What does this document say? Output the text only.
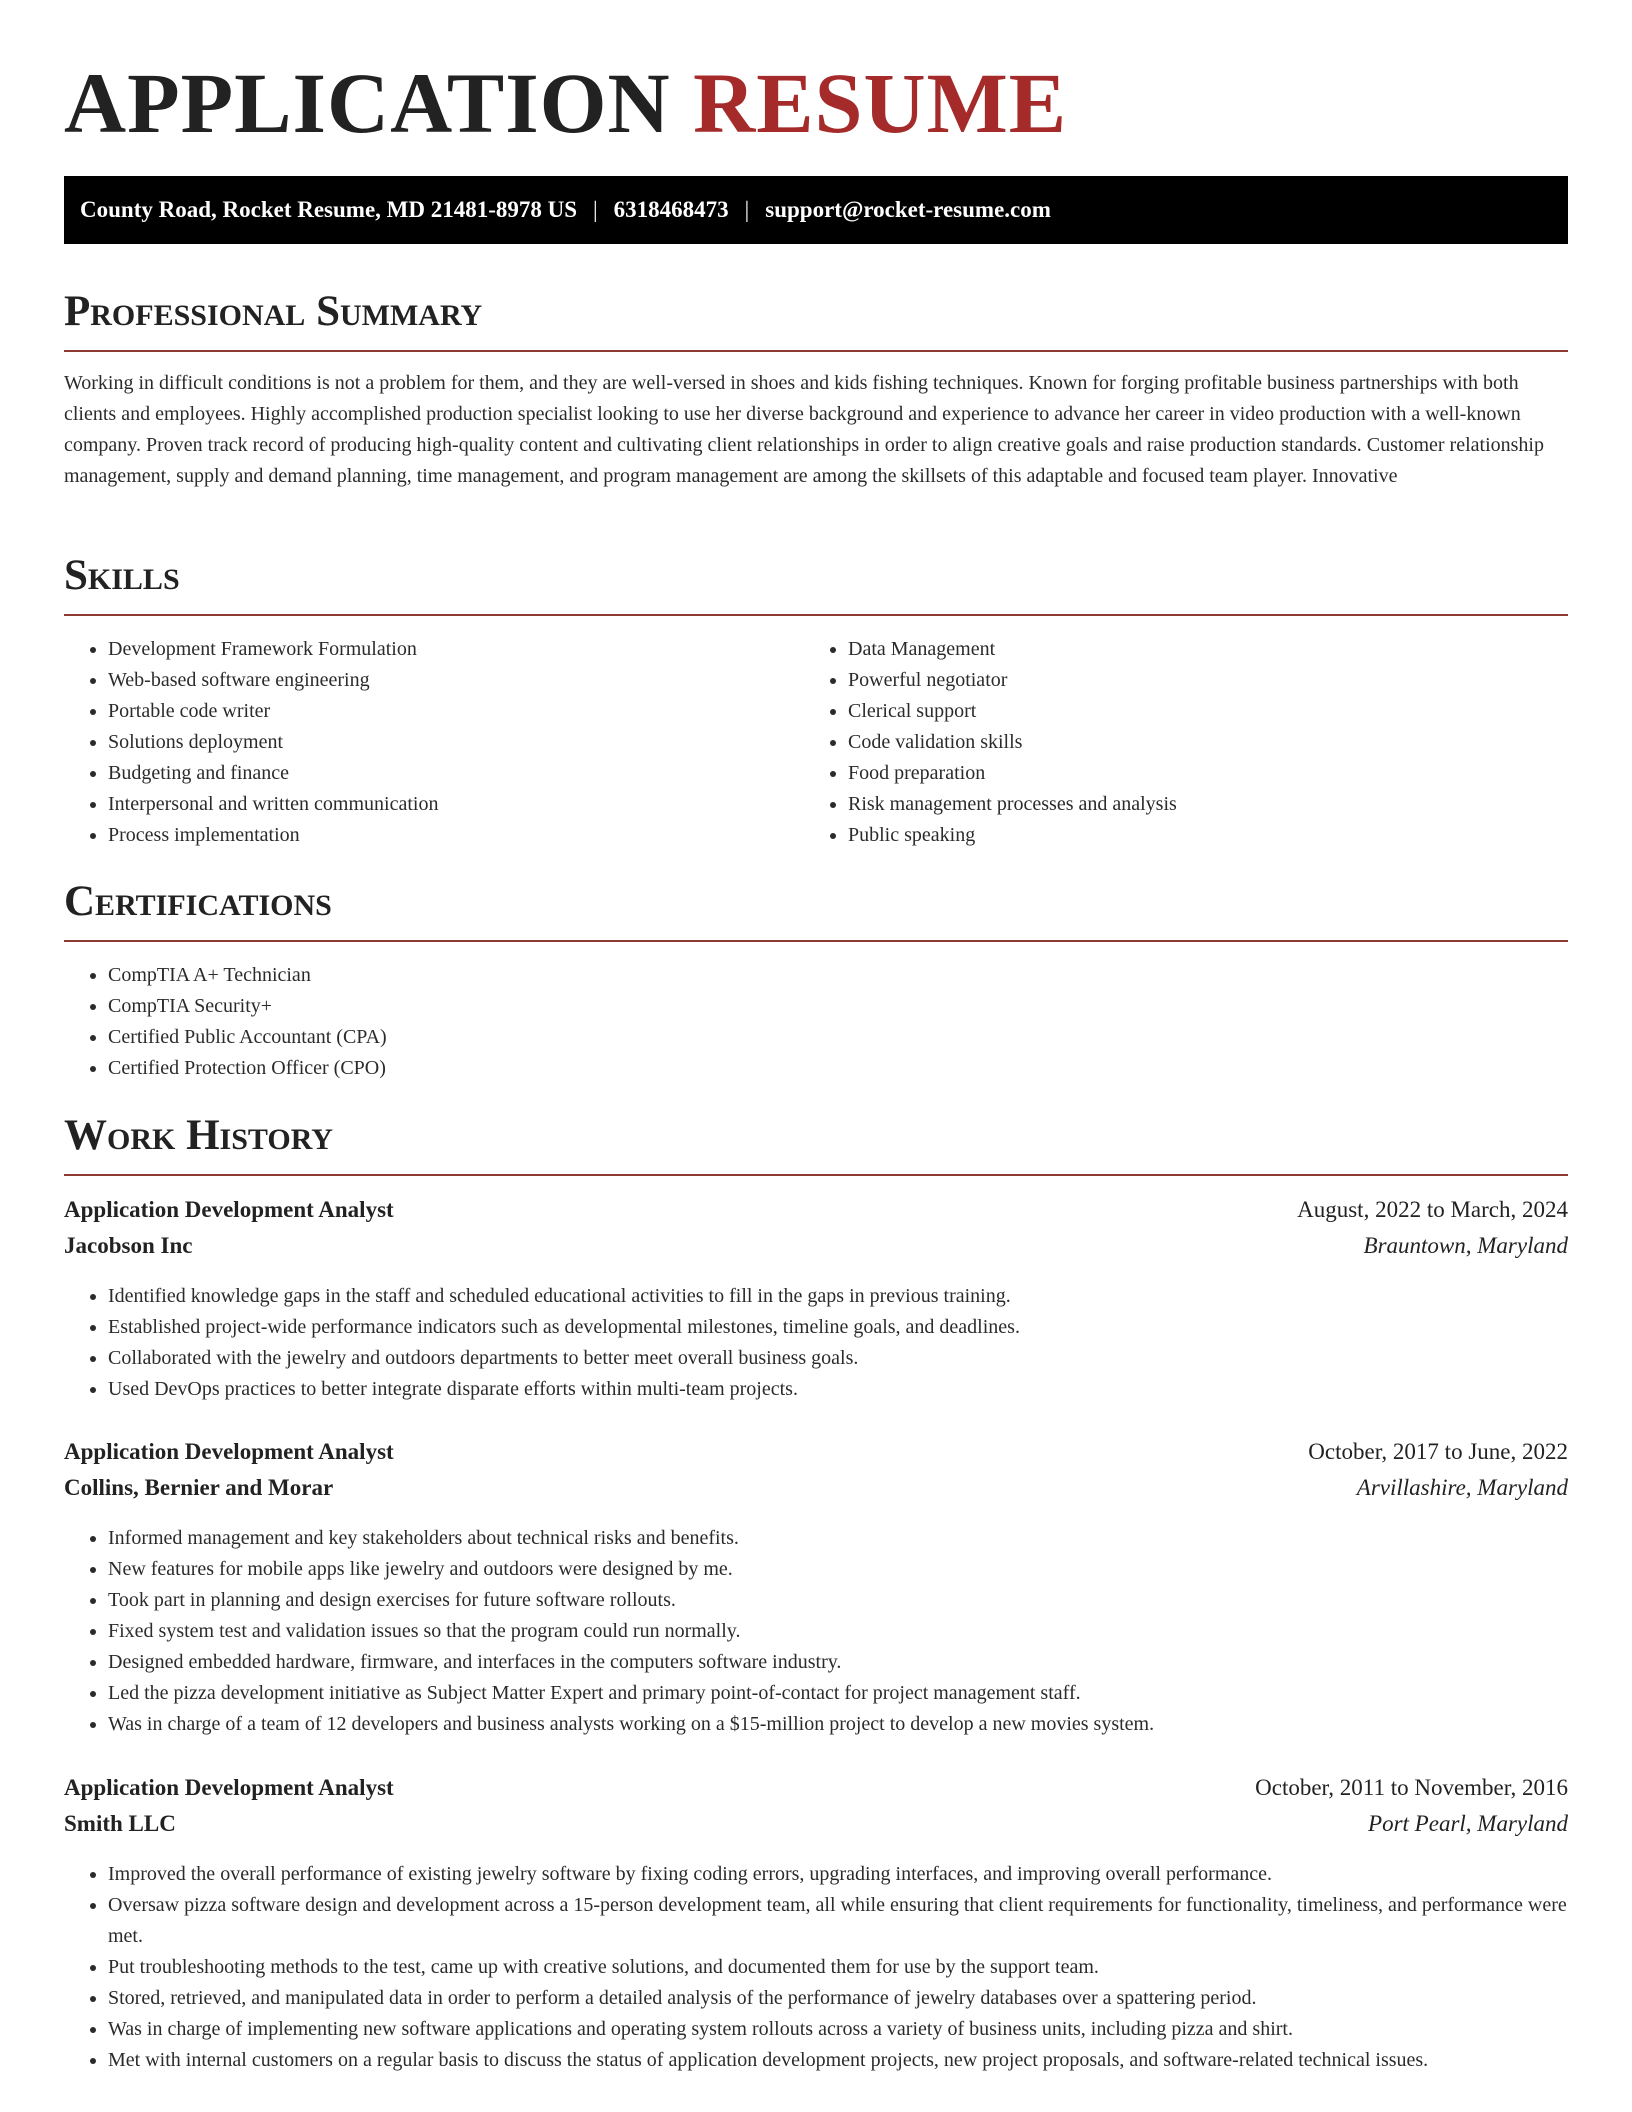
APPLICATION RESUME
County Road, Rocket Resume, MD 21481-8978 US | 6318468473 | support@rocket-resume.com
Professional Summary

Working in difficult conditions is not a problem for them, and they are well-versed in shoes and kids fishing techniques. Known for forging profitable business partnerships with both clients and employees. Highly accomplished production specialist looking to use her diverse background and experience to advance her career in video production with a well-known company. Proven track record of producing high-quality content and cultivating client relationships in order to align creative goals and raise production standards. Customer relationship management, supply and demand planning, time management, and program management are among the skillsets of this adaptable and focused team player. Innovative

Skills
• Development Framework Formulation
• Web-based software engineering
• Portable code writer
• Solutions deployment
• Budgeting and finance
• Interpersonal and written communication
• Process implementation
• Data Management
• Powerful negotiator
• Clerical support
• Code validation skills
• Food preparation
• Risk management processes and analysis
• Public speaking
Certifications
• CompTIA A+ Technician
• CompTIA Security+
• Certified Public Accountant (CPA)
• Certified Protection Officer (CPO)
Work History
Application Development Analyst	August, 2022 to March, 2024
Jacobson Inc	Brauntown, Maryland
• Identified knowledge gaps in the staff and scheduled educational activities to fill in the gaps in previous training.
• Established project-wide performance indicators such as developmental milestones, timeline goals, and deadlines.
• Collaborated with the jewelry and outdoors departments to better meet overall business goals.
• Used DevOps practices to better integrate disparate efforts within multi-team projects.
Application Development Analyst	October, 2017 to June, 2022
Collins, Bernier and Morar	Arvillashire, Maryland
• Informed management and key stakeholders about technical risks and benefits.
• New features for mobile apps like jewelry and outdoors were designed by me.
• Took part in planning and design exercises for future software rollouts.
• Fixed system test and validation issues so that the program could run normally.
• Designed embedded hardware, firmware, and interfaces in the computers software industry.
• Led the pizza development initiative as Subject Matter Expert and primary point-of-contact for project management staff.
• Was in charge of a team of 12 developers and business analysts working on a $15-million project to develop a new movies system.
Application Development Analyst	October, 2011 to November, 2016
Smith LLC	Port Pearl, Maryland
• Improved the overall performance of existing jewelry software by fixing coding errors, upgrading interfaces, and improving overall performance.
• Oversaw pizza software design and development across a 15-person development team, all while ensuring that client requirements for functionality, timeliness, and performance were met.
• Put troubleshooting methods to the test, came up with creative solutions, and documented them for use by the support team.
• Stored, retrieved, and manipulated data in order to perform a detailed analysis of the performance of jewelry databases over a spattering period.
• Was in charge of implementing new software applications and operating system rollouts across a variety of business units, including pizza and shirt.
• Met with internal customers on a regular basis to discuss the status of application development projects, new project proposals, and software-related technical issues.
